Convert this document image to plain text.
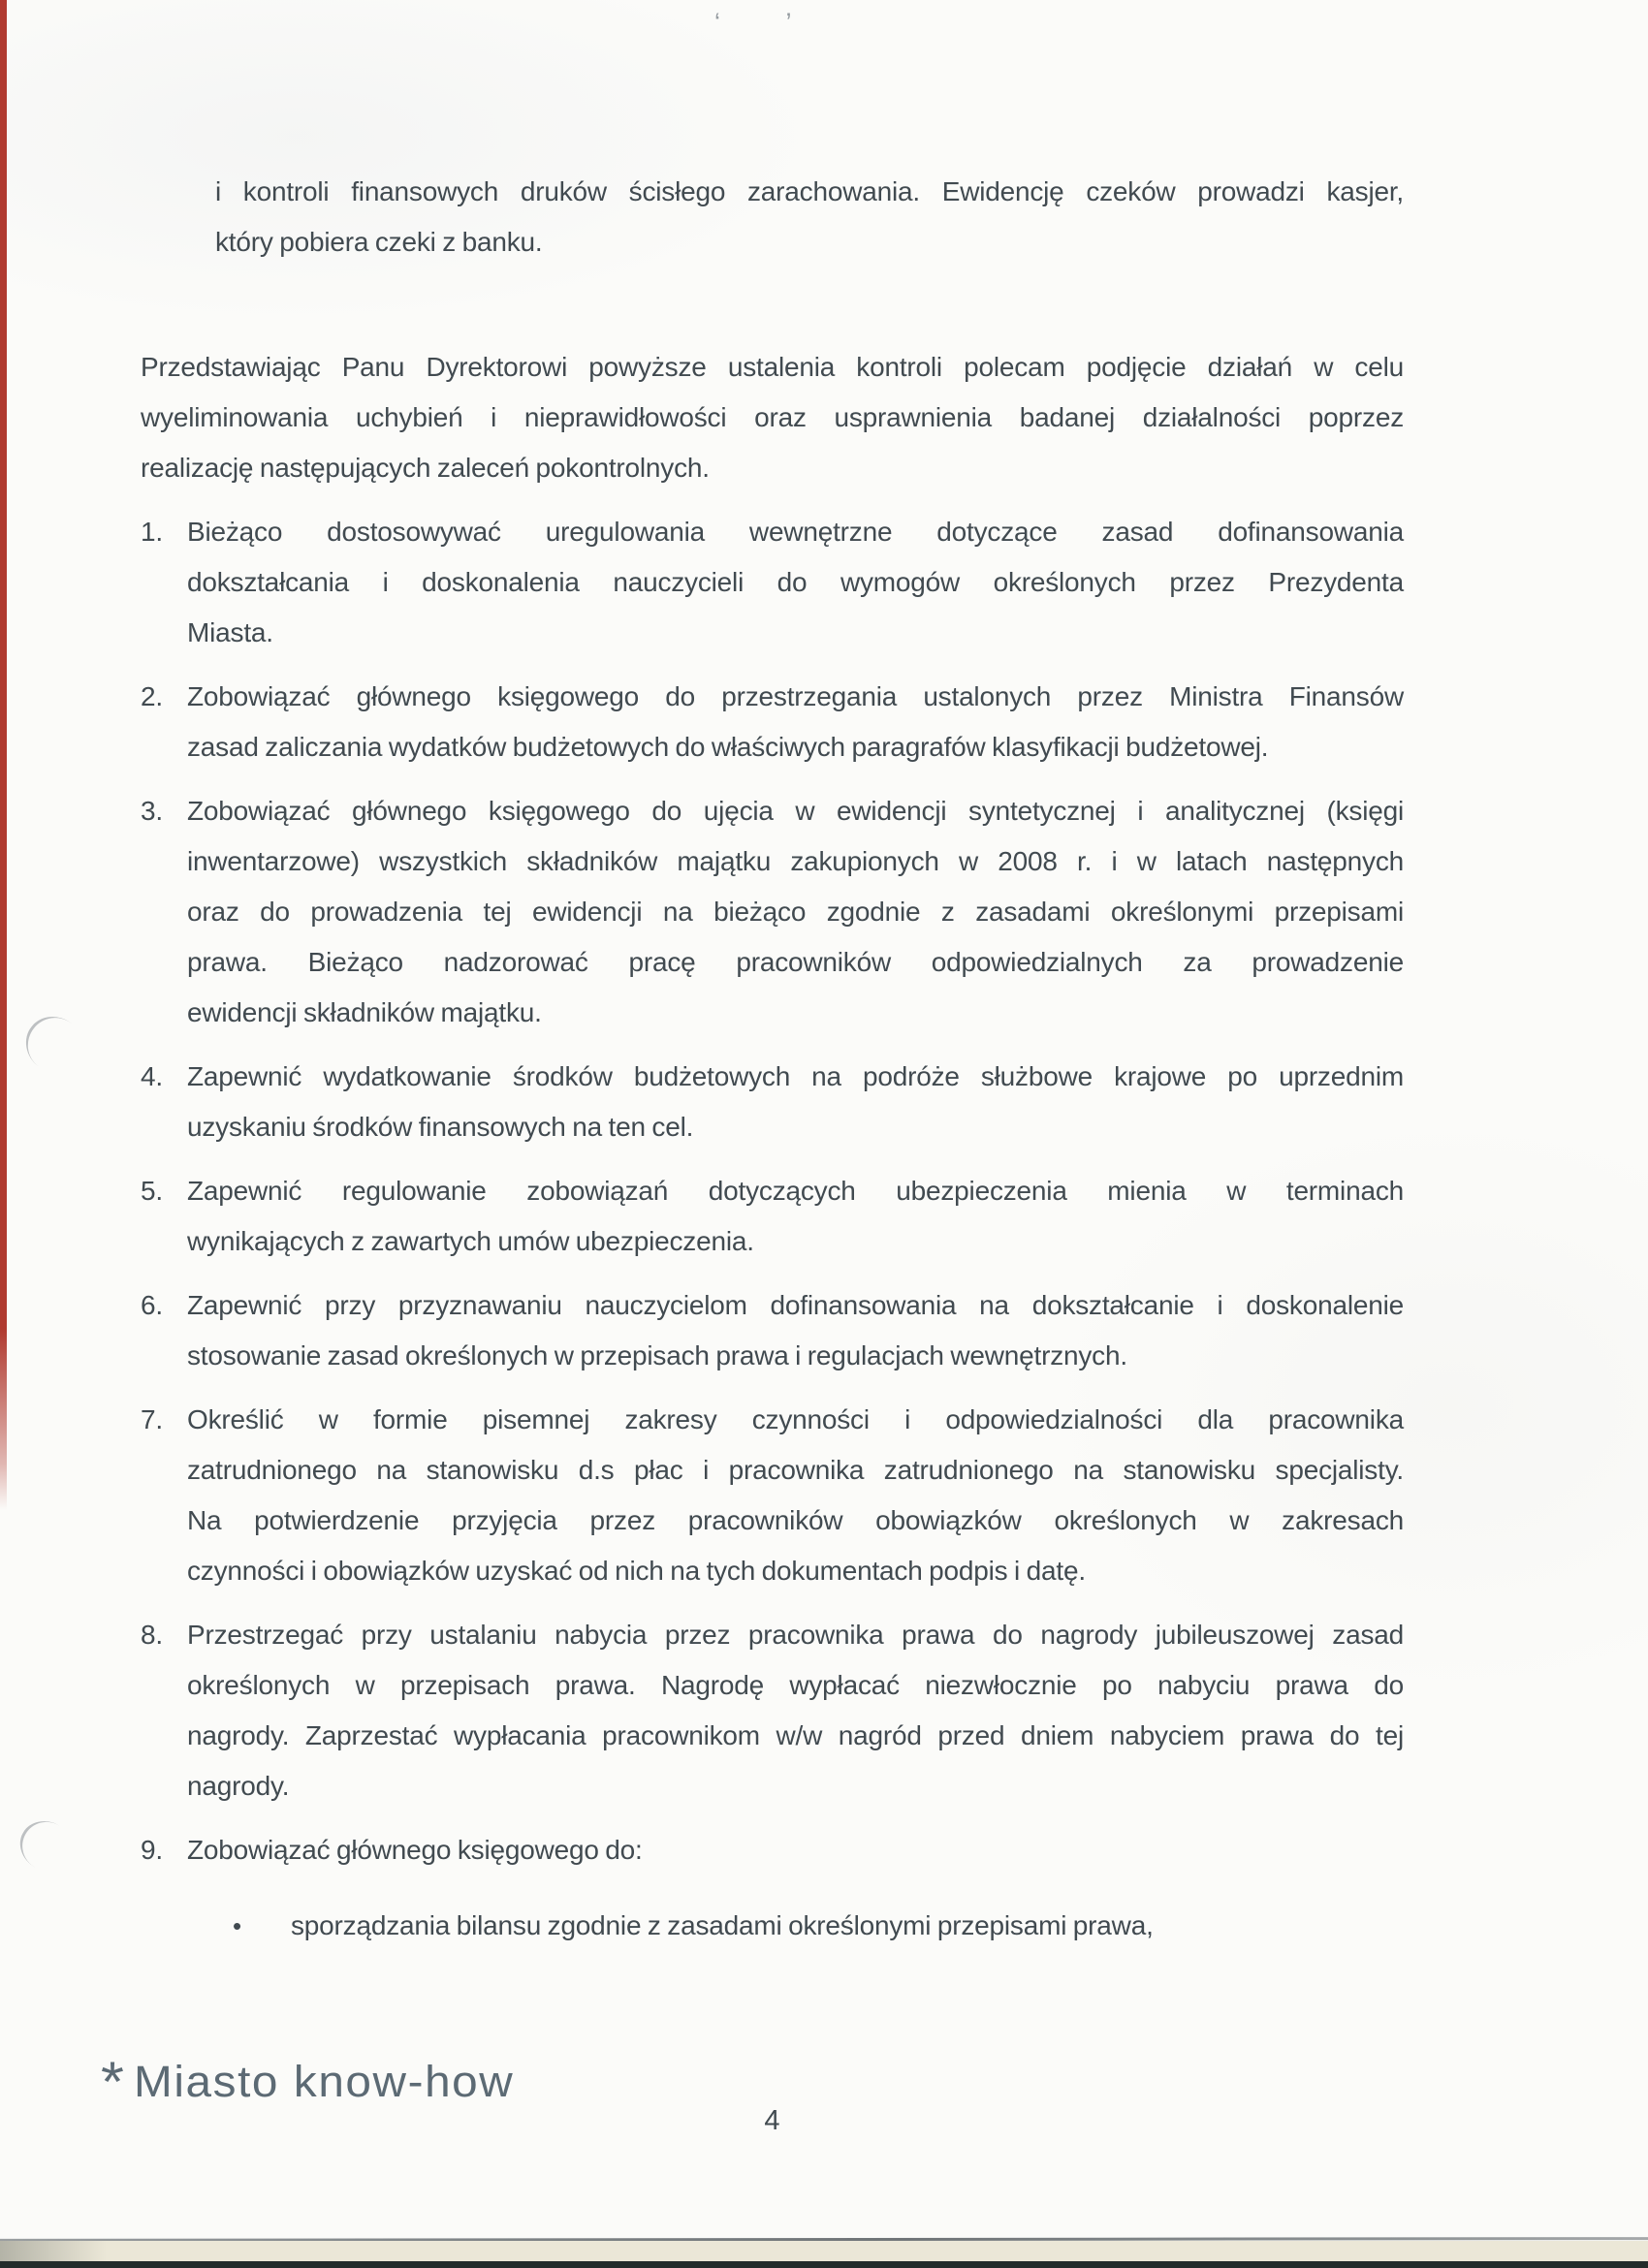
‘ ’
i kontroli finansowych druków ścisłego zarachowania. Ewidencję czeków prowadzi kasjer,
który pobiera czeki z banku.
Przedstawiając Panu Dyrektorowi powyższe ustalenia kontroli polecam podjęcie działań w celu
wyeliminowania uchybień i nieprawidłowości oraz usprawnienia badanej działalności poprzez
realizację następujących zaleceń pokontrolnych.
1. Bieżąco dostosowywać uregulowania wewnętrzne dotyczące zasad dofinansowania
dokształcania i doskonalenia nauczycieli do wymogów określonych przez Prezydenta
Miasta.
2. Zobowiązać głównego księgowego do przestrzegania ustalonych przez Ministra Finansów
zasad zaliczania wydatków budżetowych do właściwych paragrafów klasyfikacji budżetowej.
3. Zobowiązać głównego księgowego do ujęcia w ewidencji syntetycznej i analitycznej (księgi
inwentarzowe) wszystkich składników majątku zakupionych w 2008 r. i w latach następnych
oraz do prowadzenia tej ewidencji na bieżąco zgodnie z zasadami określonymi przepisami
prawa. Bieżąco nadzorować pracę pracowników odpowiedzialnych za prowadzenie
ewidencji składników majątku.
4. Zapewnić wydatkowanie środków budżetowych na podróże służbowe krajowe po uprzednim
uzyskaniu środków finansowych na ten cel.
5. Zapewnić regulowanie zobowiązań dotyczących ubezpieczenia mienia w terminach
wynikających z zawartych umów ubezpieczenia.
6. Zapewnić przy przyznawaniu nauczycielom dofinansowania na dokształcanie i doskonalenie
stosowanie zasad określonych w przepisach prawa i regulacjach wewnętrznych.
7. Określić w formie pisemnej zakresy czynności i odpowiedzialności dla pracownika
zatrudnionego na stanowisku d.s płac i pracownika zatrudnionego na stanowisku specjalisty.
Na potwierdzenie przyjęcia przez pracowników obowiązków określonych w zakresach
czynności i obowiązków uzyskać od nich na tych dokumentach podpis i datę.
8. Przestrzegać przy ustalaniu nabycia przez pracownika prawa do nagrody jubileuszowej zasad
określonych w przepisach prawa. Nagrodę wypłacać niezwłocznie po nabyciu prawa do
nagrody. Zaprzestać wypłacania pracownikom w/w nagród przed dniem nabyciem prawa do tej
nagrody.
9. Zobowiązać głównego księgowego do:
• sporządzania bilansu zgodnie z zasadami określonymi przepisami prawa,
* Miasto know-how
4
